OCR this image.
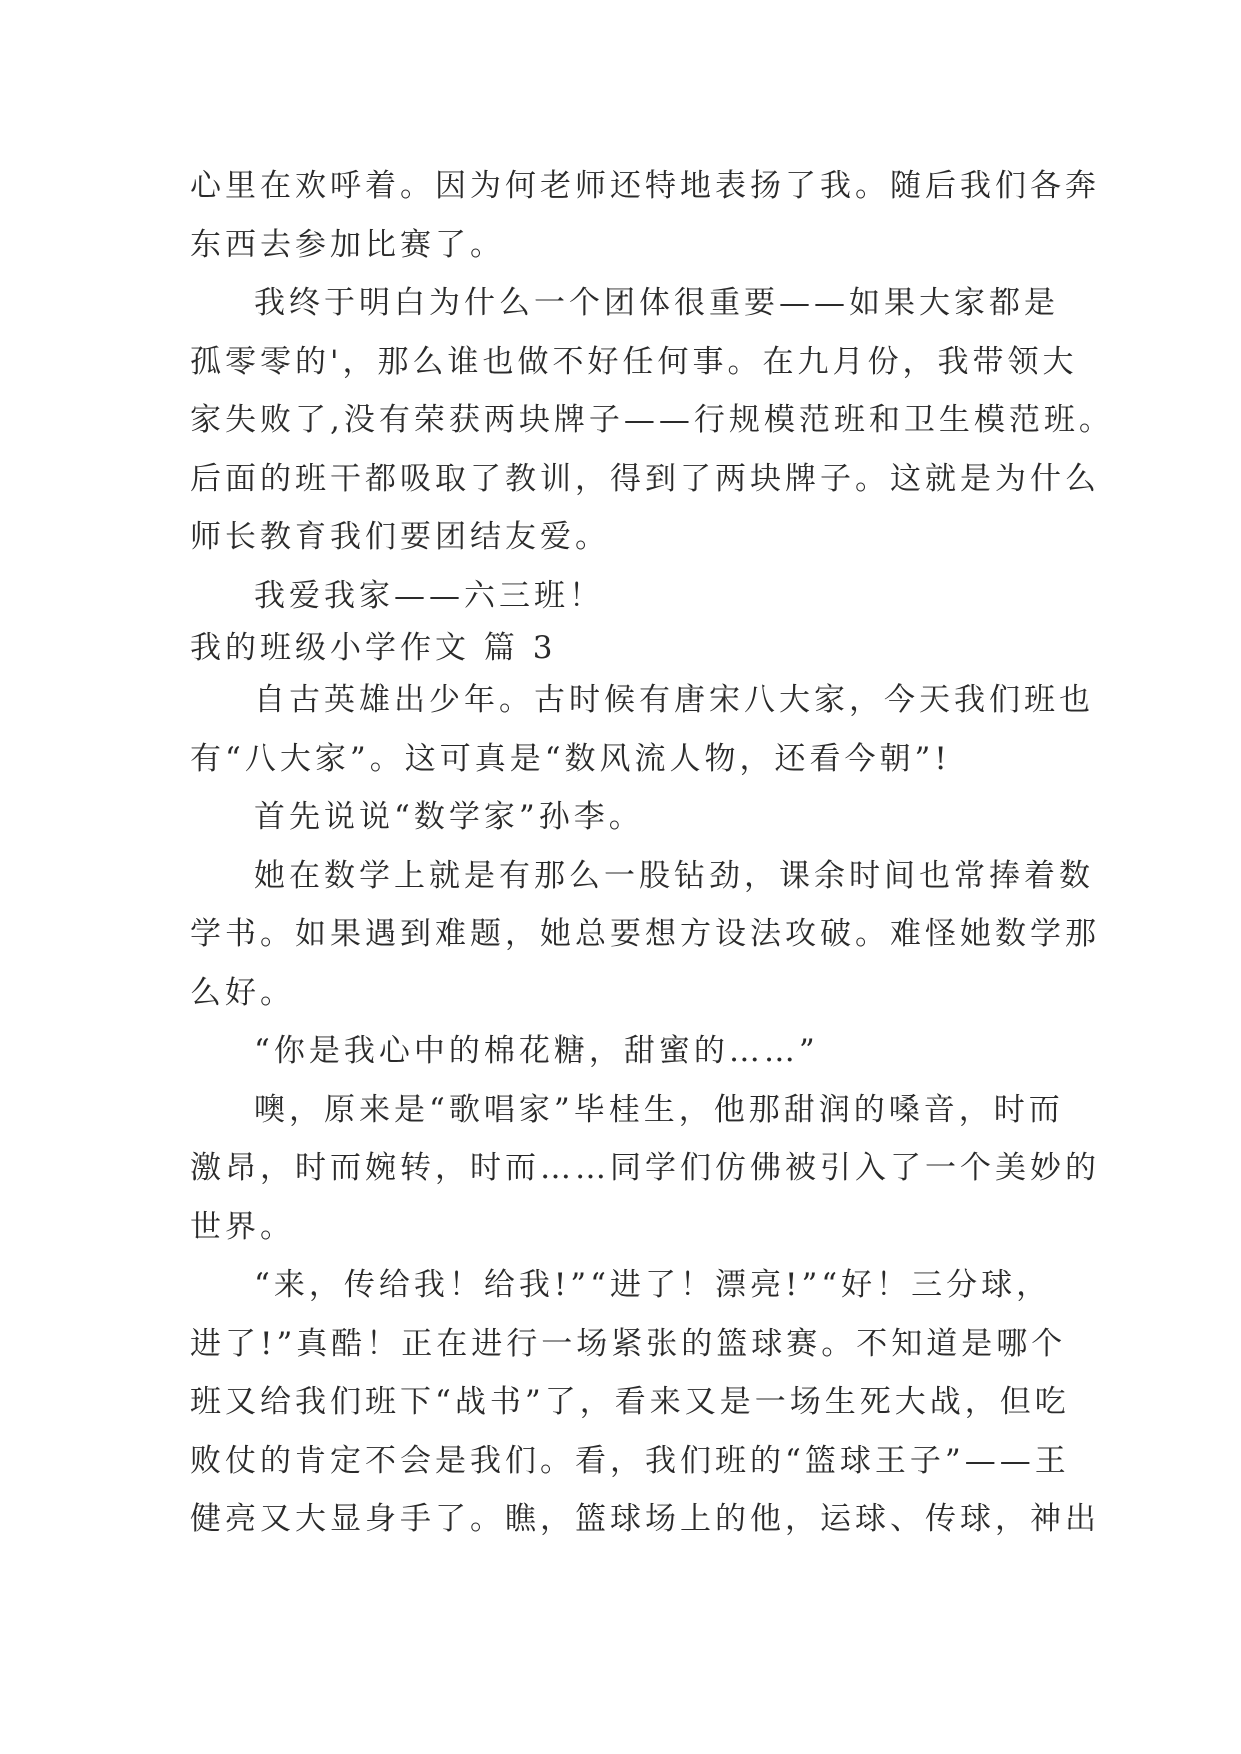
心里在欢呼着。因为何老师还特地表扬了我。随后我们各奔
东西去参加比赛了。
我终于明白为什么一个团体很重要——如果大家都是
孤零零的'，那么谁也做不好任何事。在九月份，我带领大
家失败了,没有荣获两块牌子——行规模范班和卫生模范班。
后面的班干都吸取了教训，得到了两块牌子。这就是为什么
师长教育我们要团结友爱。
我爱我家——六三班！
我的班级小学作文 篇 3
自古英雄出少年。古时候有唐宋八大家，今天我们班也
有“八大家”。这可真是“数风流人物，还看今朝”!
首先说说“数学家”孙李。
她在数学上就是有那么一股钻劲，课余时间也常捧着数
学书。如果遇到难题，她总要想方设法攻破。难怪她数学那
么好。
“你是我心中的棉花糖，甜蜜的……”
噢，原来是“歌唱家”毕桂生，他那甜润的嗓音，时而
激昂，时而婉转，时而……同学们仿佛被引入了一个美妙的
世界。
“来，传给我！给我!”“进了！漂亮!”“好！三分球，
进了!”真酷！正在进行一场紧张的篮球赛。不知道是哪个
班又给我们班下“战书”了，看来又是一场生死大战，但吃
败仗的肯定不会是我们。看，我们班的“篮球王子”——王
健亮又大显身手了。瞧，篮球场上的他，运球、传球，神出
